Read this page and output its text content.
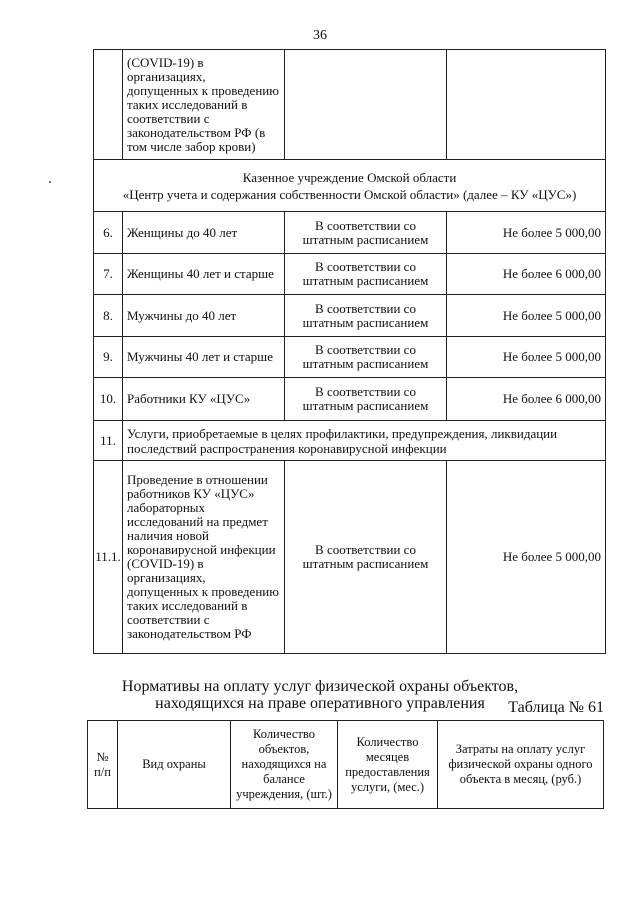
36
	(COVID-19) в организациях, допущенных к проведению таких исследований в соответствии с законодательством РФ (в том числе забор крови)		

Казенное учреждение Омской области
«Центр учета и содержания собственности Омской области» (далее – КУ «ЦУС»)			

6.	Женщины до 40 лет	В соответствии со штатным расписанием	Не более 5 000,00
7.	Женщины 40 лет и старше	В соответствии со штатным расписанием	Не более 6 000,00
8.	Мужчины до 40 лет	В соответствии со штатным расписанием	Не более 5 000,00
9.	Мужчины 40 лет и старше	В соответствии со штатным расписанием	Не более 5 000,00
10.	Работники КУ «ЦУС»	В соответствии со штатным расписанием	Не более 6 000,00
11.	Услуги, приобретаемые в целях профилактики, предупреждения, ликвидации последствий распространения коронавирусной инфекции		
11.1.	Проведение в отношении работников КУ «ЦУС» лабораторных исследований на предмет наличия новой коронавирусной инфекции (COVID-19) в организациях, допущенных к проведению таких исследований в соответствии с законодательством РФ	В соответствии со штатным расписанием	Не более 5 000,00
Нормативы на оплату услуг физической охраны объектов,
находящихся на праве оперативного управления	Таблица № 61
№ п/п	Вид охраны	Количество объектов, находящихся на балансе учреждения, (шт.)	Количество месяцев предоставления услуги, (мес.)	Затраты на оплату услуг физической охраны одного объекта в месяц, (руб.)
